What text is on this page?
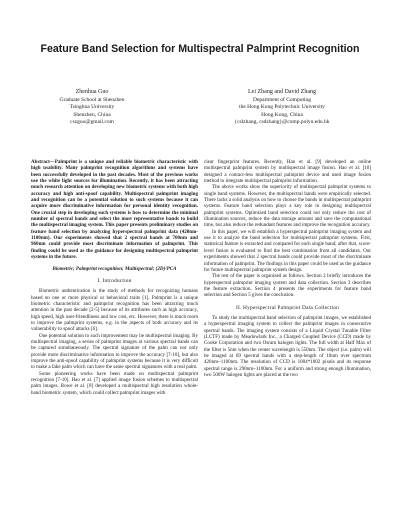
Feature Band Selection for Multispectral Palmprint Recognition
Zhenhua Guo
Graduate School at Shenzhen
Tsinghua University
Shenzhen, China
cszguo@gmail.com
Lei Zhang and David Zhang
Department of Computing
the Hong Kong Polytechnic University
Hong Kong, China
{cslzhang, csdzhang}@comp.polyu.edu.hk

Abstract—Palmprint is a unique and reliable biometric characteristic with high usability. Many palmprint recognition algorithms and systems have been successfully developed in the past decades. Most of the previous works use the white light sources for illumination. Recently, it has been attracting much research attention on developing new biometric systems with both high accuracy and high anti-spoof capability. Multispectral palmprint imaging and recognition can be a potential solution to such systems because it can acquire more discriminative information for personal identity recognition. One crucial step in developing such systems is how to determine the minimal number of spectral bands and select the most representative bands to build the multispectral imaging system. This paper presents preliminary studies on feature band selection by analyzing hyperspectral palmprint data (420nm-1100nm). Our experiments showed that 2 spectral bands at 700nm and 960nm could provide most discriminate information of palmprint. This finding could be used as the guidance for designing multispectral palmprint systems in the future.

Biometric; Palmprint recognition; Multispectral; (2D)²PCA

I. Introduction

Biometric authentication is the study of methods for recognizing humans based on one or more physical or behavioral traits [1]. Palmprint is a unique biometric characteristic and palmprint recognition has been attracting much attention in the past decade [2-5] because of its attributes such as high accuracy, high speed, high user-friendliness and low cost, etc. However, there is much room to improve the palmprint systems, e.g. in the aspects of both accuracy and its vulnerability to spoof attacks [6].

One potential solution to such improvement may be multispectral imaging. By multispectral imaging, a series of palmprint images at various spectral bands can be captured simultaneously. The spectral signature of the palm can not only provide more discriminative information to improve the accuracy [7-10], but also improve the anti-spoof capability of palmprint systems because it is very difficult to make a fake palm which can have the same spectral signatures with a real palm.

Some pioneering works have been made on multispectral palmprint recognition [7-10]. Hao et al. [7] applied image fusion schemes to multispectral palm images. Rowe et al. [8] developed a multispectral high resolution whole-hand biometric system, which could collect palmprint images with

clear fingerprint features. Recently, Han et al. [9] developed an online multispectral palmprint system by multispectral image fusion. Hao et al. [10] designed a contact-less multispectral palmprint device and used image fusion method to integrate multispectral palmprint information.

The above works show the superiority of multispectral palmprint systems to single band systems. However, the multispectral bands were empirically selected. There lacks a solid analysis on how to choose the bands in multispectral palmprint systems. Feature band selection plays a key role in designing multispectral palmprint systems. Optimized band selection could not only reduce the cost of illumination sources, reduce the data storage amount and save the computational time, but also reduce the redundant features and improve the recognition accuracy.

In this paper, we will establish a hyperspectral palmprint imaging system and use it to analyze the band selection for multispectral palmprint systems. First, statistical feature is extracted and compared for each single band; after that, score-level fusion is evaluated to find the best combination from all candidates. Our experiments showed that 2 spectral bands could provide most of the discriminate information of palmprint. The findings in this paper could be used as the guidance for future multispectral palmprint system design.

The rest of the paper is organized as follows. Section 2 briefly introduces the hyperspectral palmprint imaging system and data collection. Section 3 describes the feature extraction. Section 4 presents the experiments for feature band selection and Section 5 gives the conclusion.

II. Hyperspectral Palmprint Data Collection

To study the multispectral band selection of palmprint images, we established a hyperspectral imaging system to collect the palmprint images in consecutive spectral bands. The imaging system consists of a Liquid Crystal Tunable Filter (LCTF) made by Meadowlark Inc., a Charged Coupled Device (CCD) made by Cooke Corporation and two Osram halogen lights. The full width at Half Max of the filter is 5nm when the center wavelength is 550nm. The object (i.e. palm) will be imaged at 69 spectral bands with a step-length of 10nm over spectrum 420nm~1100nm. The resolution of CCD is 1004*1002 pixels and its response spectral range is 290nm~1100nm. For a uniform and strong enough illumination, two 500W halogen lights are placed at the two
